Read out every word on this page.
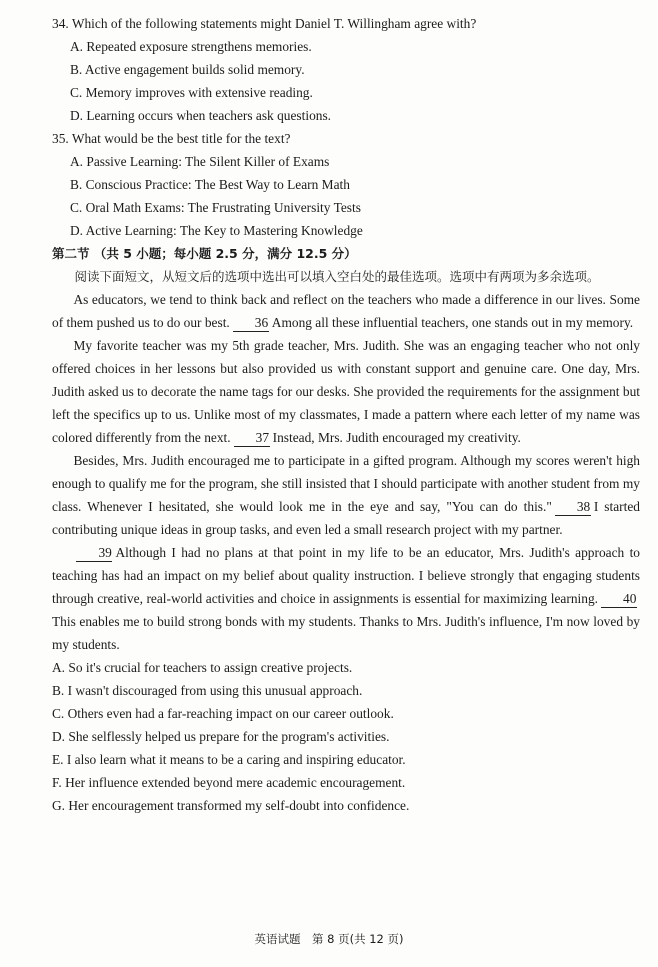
34. Which of the following statements might Daniel T. Willingham agree with?

A. Repeated exposure strengthens memories.

B. Active engagement builds solid memory.

C. Memory improves with extensive reading.

D. Learning occurs when teachers ask questions.

35. What would be the best title for the text?

A. Passive Learning: The Silent Killer of Exams

B. Conscious Practice: The Best Way to Learn Math

C. Oral Math Exams: The Frustrating University Tests

D. Active Learning: The Key to Mastering Knowledge

第二节 （共 5 小题；每小题 2.5 分，满分 12.5 分）

阅读下面短文，从短文后的选项中选出可以填入空白处的最佳选项。选项中有两项为多余选项。

As educators, we tend to think back and reflect on the teachers who made a difference in our lives. Some of them pushed us to do our best. 36 Among all these influential teachers, one stands out in my memory.

My favorite teacher was my 5th grade teacher, Mrs. Judith. She was an engaging teacher who not only offered choices in her lessons but also provided us with constant support and genuine care. One day, Mrs. Judith asked us to decorate the name tags for our desks. She provided the requirements for the assignment but left the specifics up to us. Unlike most of my classmates, I made a pattern where each letter of my name was colored differently from the next. 37 Instead, Mrs. Judith encouraged my creativity.

Besides, Mrs. Judith encouraged me to participate in a gifted program. Although my scores weren't high enough to qualify me for the program, she still insisted that I should participate with another student from my class. Whenever I hesitated, she would look me in the eye and say, "You can do this." 38 I started contributing unique ideas in group tasks, and even led a small research project with my partner.

39 Although I had no plans at that point in my life to be an educator, Mrs. Judith's approach to teaching has had an impact on my belief about quality instruction. I believe strongly that engaging students through creative, real-world activities and choice in assignments is essential for maximizing learning. 40This enables me to build strong bonds with my students. Thanks to Mrs. Judith's influence, I'm now loved by my students.

A. So it's crucial for teachers to assign creative projects.

B. I wasn't discouraged from using this unusual approach.

C. Others even had a far-reaching impact on our career outlook.

D. She selflessly helped us prepare for the program's activities.

E. I also learn what it means to be a caring and inspiring educator.

F. Her influence extended beyond mere academic encouragement.

G. Her encouragement transformed my self-doubt into confidence.

英语试题　第 8 页(共 12 页)
